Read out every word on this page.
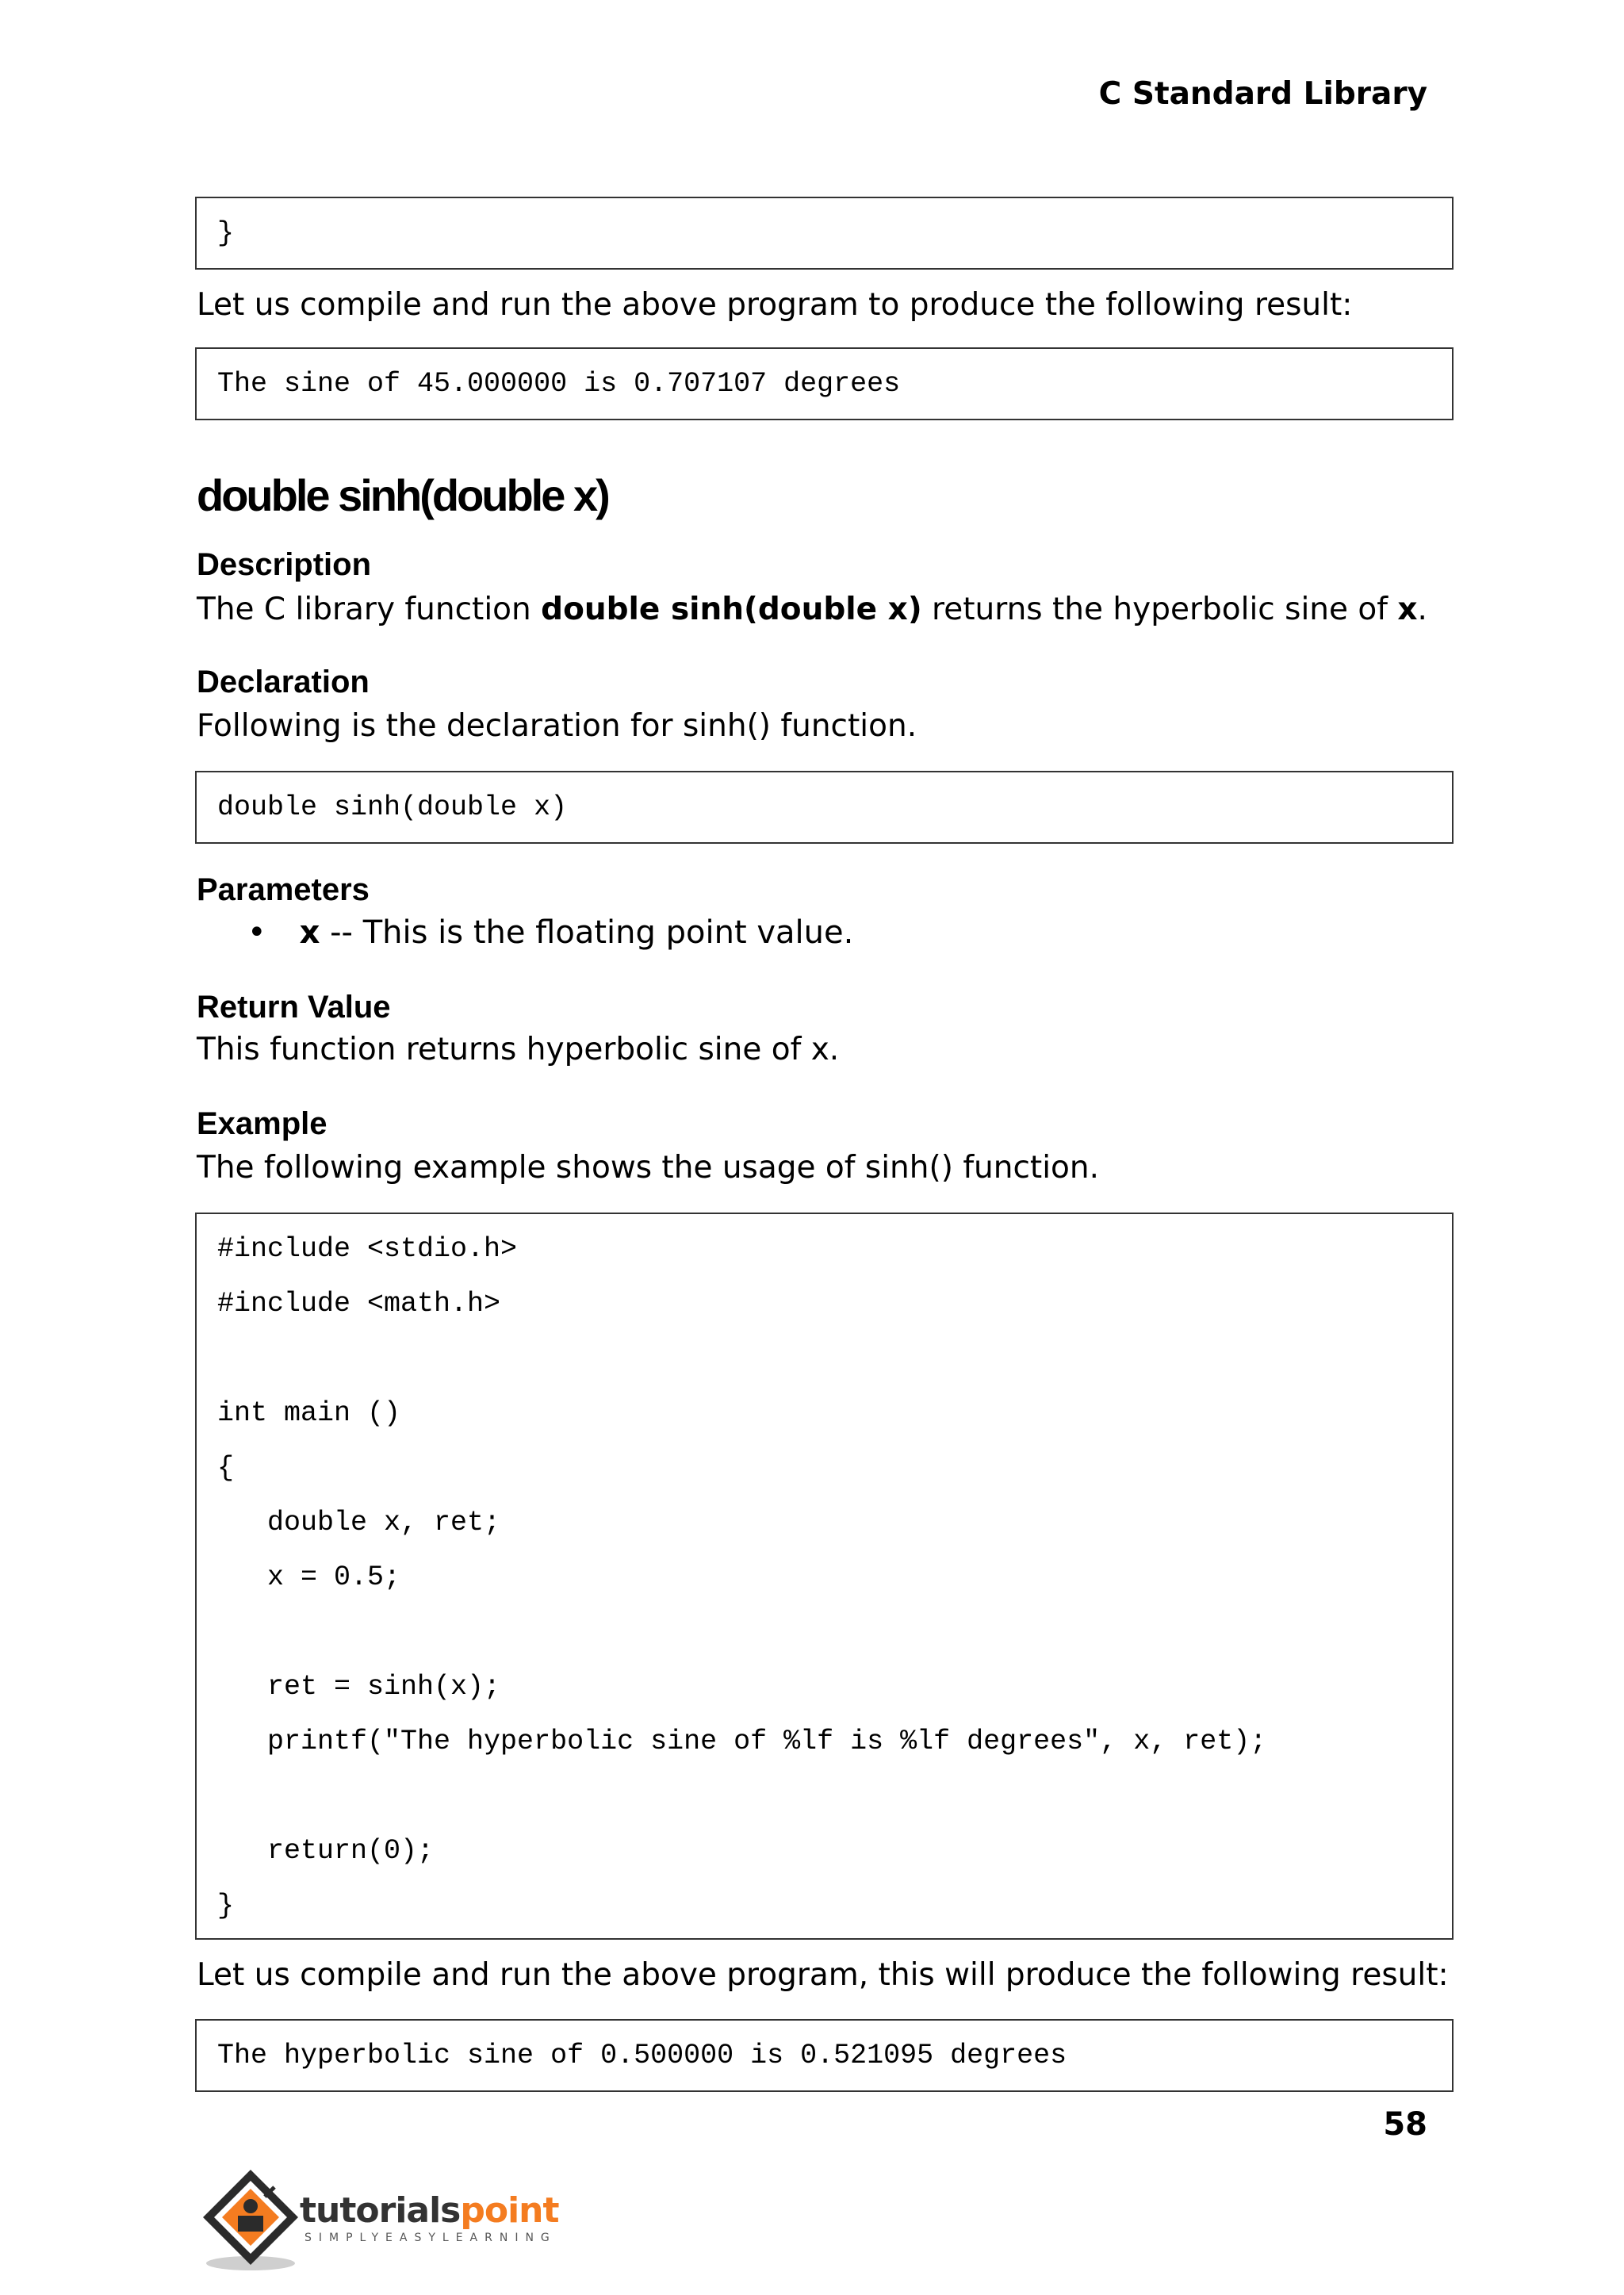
C Standard Library
}
Let us compile and run the above program to produce the following result:
The sine of 45.000000 is 0.707107 degrees
double sinh(double x)
Description
The C library function double sinh(double x) returns the hyperbolic sine of x.
Declaration
Following is the declaration for sinh() function.
double sinh(double x)
Parameters
• x -- This is the floating point value.
Return Value
This function returns hyperbolic sine of x.
Example
The following example shows the usage of sinh() function.
#include <stdio.h>
#include <math.h>
int main ()
{
double x, ret;
x = 0.5;
ret = sinh(x);
printf("The hyperbolic sine of %lf is %lf degrees", x, ret);
return(0);
}
Let us compile and run the above program, this will produce the following result:
The hyperbolic sine of 0.500000 is 0.521095 degrees
58
tutorialspoint
SIMPLYEASYLEARNING
